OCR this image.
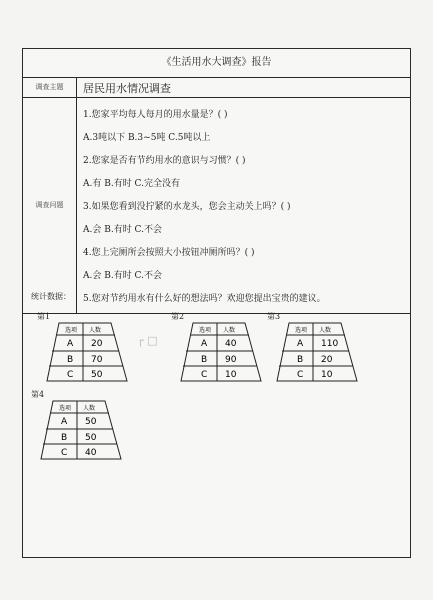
《生活用水大调查》报告
调查主题	居民用水情况调查
调查问题
1.您家平均每人每月的用水量是？( )
A.3吨以下 B.3~5吨 C.5吨以上
2.您家是否有节约用水的意识与习惯？( )
A.有 B.有时 C.完全没有
3.如果您看到没拧紧的水龙头，您会主动关上吗？( )
A.会 B.有时 C.不会
4.您上完厕所会按照大小按钮冲厕所吗？( )
A.会 B.有时 C.不会
5.您对节约用水有什么好的想法吗？欢迎您提出宝贵的建议。
统计数据：
┌ □
第1
选项 人数
A 20
B 70
C 50
第2
选项 人数
A 40
B 90
C 10
第3
选项 人数
A 110
B 20
C 10
第4
选项 人数
A 50
B 50
C 40
